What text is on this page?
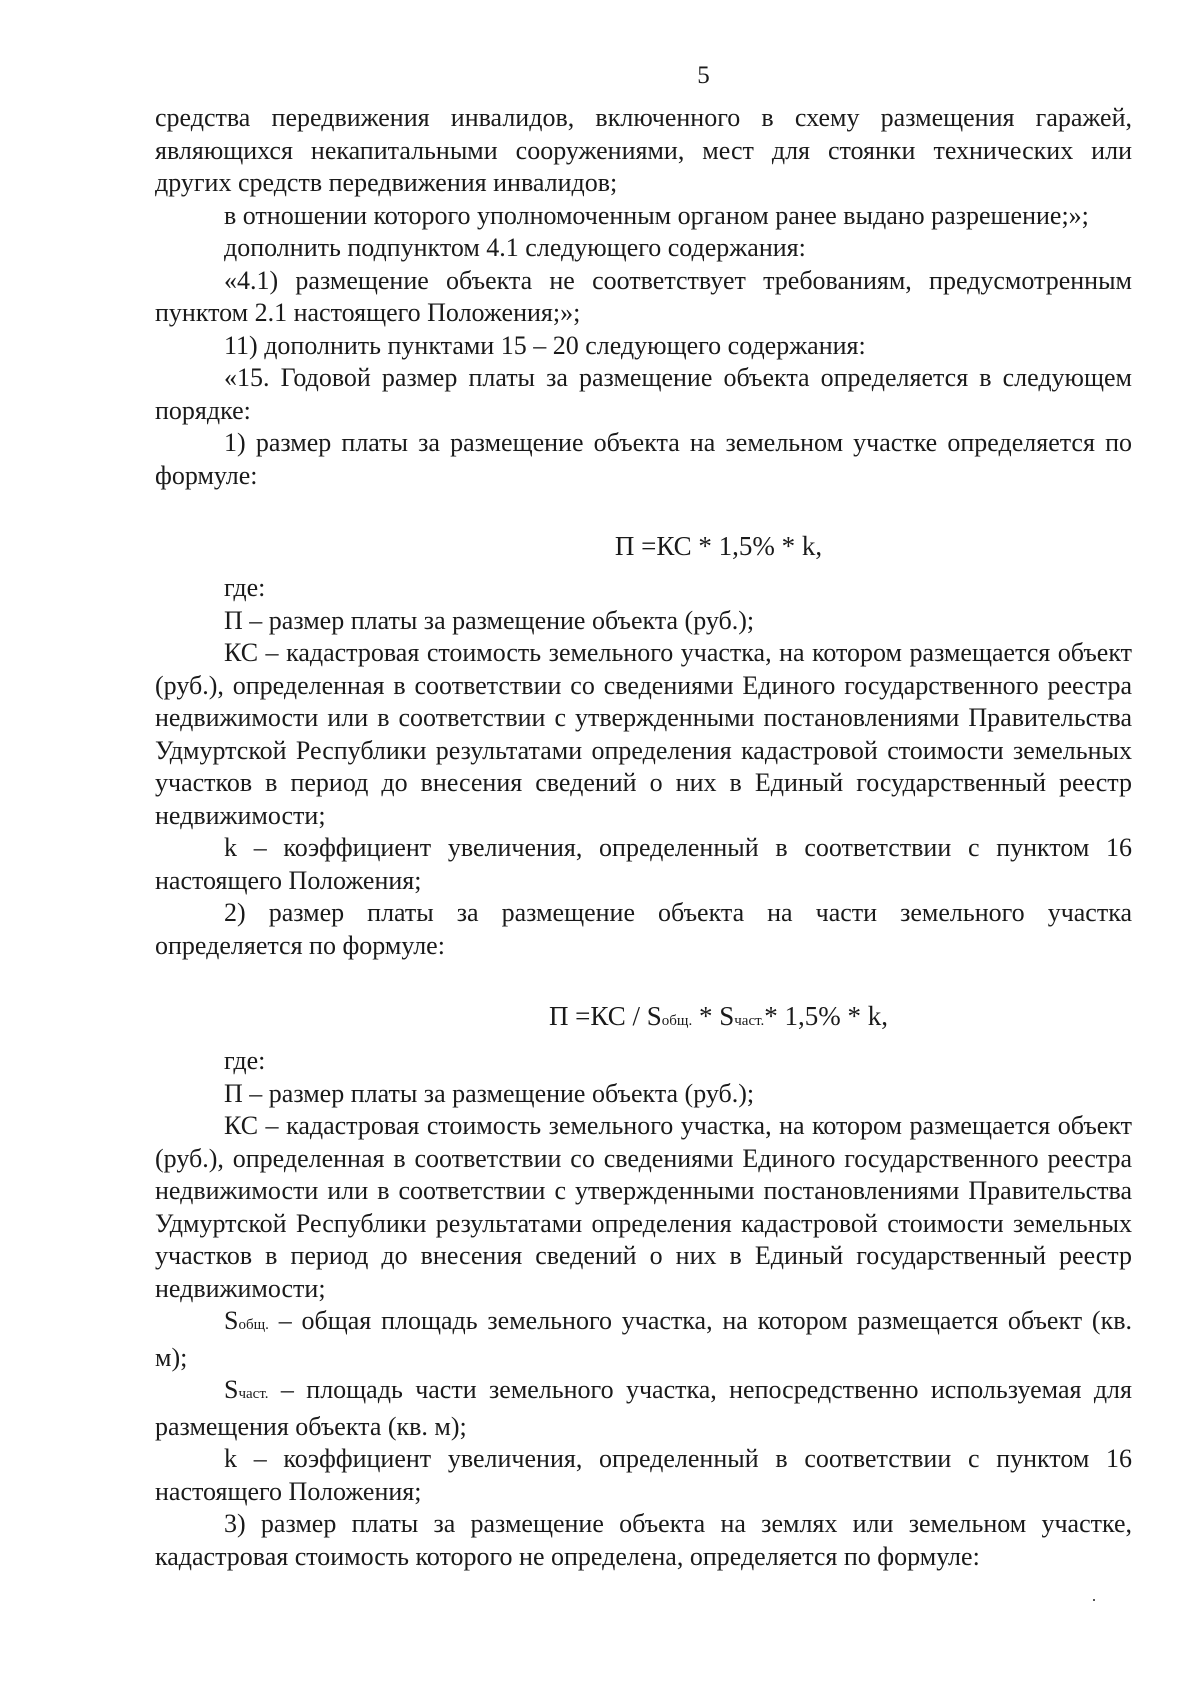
5
средства передвижения инвалидов, включенного в схему размещения гаражей, являющихся некапитальными сооружениями, мест для стоянки технических или других средств передвижения инвалидов;
в отношении которого уполномоченным органом ранее выдано разрешение;»;
дополнить подпунктом 4.1 следующего содержания:
«4.1) размещение объекта не соответствует требованиям, предусмотренным пунктом 2.1 настоящего Положения;»;
11) дополнить пунктами 15 – 20 следующего содержания:
«15. Годовой размер платы за размещение объекта определяется в следующем порядке:
1) размер платы за размещение объекта на земельном участке определяется по формуле:
П =КС * 1,5% * k,
где:
П – размер платы за размещение объекта (руб.);
КС – кадастровая стоимость земельного участка, на котором размещается объект (руб.), определенная в соответствии со сведениями Единого государственного реестра недвижимости или в соответствии с утвержденными постановлениями Правительства Удмуртской Республики результатами определения кадастровой стоимости земельных участков в период до внесения сведений о них в Единый государственный реестр недвижимости;
k – коэффициент увеличения, определенный в соответствии с пунктом 16 настоящего Положения;
2) размер платы за размещение объекта на части земельного участка определяется по формуле:
П =КС / Sобщ. * Sчаст.* 1,5% * k,
где:
П – размер платы за размещение объекта (руб.);
КС – кадастровая стоимость земельного участка, на котором размещается объект (руб.), определенная в соответствии со сведениями Единого государственного реестра недвижимости или в соответствии с утвержденными постановлениями Правительства Удмуртской Республики результатами определения кадастровой стоимости земельных участков в период до внесения сведений о них в Единый государственный реестр недвижимости;
Sобщ. – общая площадь земельного участка, на котором размещается объект (кв. м);
Sчаст. – площадь части земельного участка, непосредственно используемая для размещения объекта (кв. м);
k – коэффициент увеличения, определенный в соответствии с пунктом 16 настоящего Положения;
3) размер платы за размещение объекта на землях или земельном участке, кадастровая стоимость которого не определена, определяется по формуле:
